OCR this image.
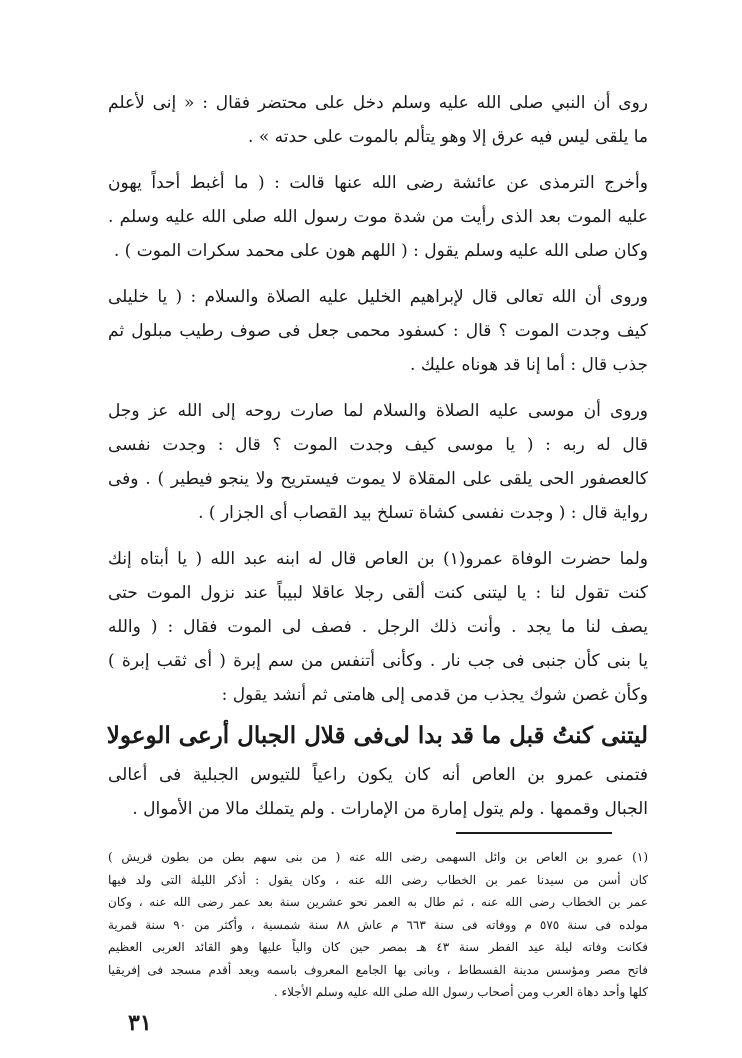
روى أن النبي صلى الله عليه وسلم دخل على محتضر فقال : « إنى لأعلم
ما يلقى ليس فيه عرق إلا وهو يتألم بالموت على حدته » .
وأخرج الترمذى عن عائشة رضى الله عنها قالت : ( ما أغبط أحداً يهون
عليه الموت بعد الذى رأيت من شدة موت رسول الله صلى الله عليه وسلم .
وكان صلى الله عليه وسلم يقول : ( اللهم هون على محمد سكرات الموت ) .
وروى أن الله تعالى قال لإبراهيم الخليل عليه الصلاة والسلام : ( يا خليلى
كيف وجدت الموت ؟ قال : كسفود محمى جعل فى صوف رطيب مبلول ثم
جذب قال : أما إنا قد هوناه عليك .
وروى أن موسى عليه الصلاة والسلام لما صارت روحه إلى الله عز وجل
قال له ربه : ( يا موسى كيف وجدت الموت ؟ قال : وجدت نفسى
كالعصفور الحى يلقى على المقلاة لا يموت فيستريح ولا ينجو فيطير ) . وفى
رواية قال : ( وجدت نفسى كشاة تسلخ بيد القصاب أى الجزار ) .
ولما حضرت الوفاة عمرو(١) بن العاص قال له ابنه عبد الله ( يا أبتاه إنك
كنت تقول لنا : يا ليتنى كنت ألقى رجلا عاقلا لبيباً عند نزول الموت حتى
يصف لنا ما يجد . وأنت ذلك الرجل . فصف لى الموت فقال : ( والله
يا بنى كأن جنبى فى جب نار . وكأنى أتنفس من سم إبرة ( أى ثقب إبرة )
وكأن غصن شوك يجذب من قدمى إلى هامتى ثم أنشد يقول :
ليتنى كنتُ قبل ما قد بدا لى
فى قلال الجبال أرعى الوعولا
فتمنى عمرو بن العاص أنه كان يكون راعياً للتيوس الجبلية فى أعالى
الجبال وقممها . ولم يتول إمارة من الإمارات . ولم يتملك مالا من الأموال .
(١) عمرو بن العاص بن وائل السهمى رضى الله عنه ( من بنى سهم بطن من بطون قريش )
كان أسن من سيدنا عمر بن الخطاب رضى الله عنه ، وكان يقول : أذكر الليلة التى ولد فيها
عمر بن الخطاب رضى الله عنه ، ثم طال به العمر نحو عشرين سنة بعد عمر رضى الله عنه ، وكان
مولده فى سنة ٥٧٥ م ووفاته فى سنة ٦٦٣ م عاش ٨٨ سنة شمسية ، وأكثر من ٩٠ سنة قمرية
فكانت وفاته ليلة عيد الفطر سنة ٤٣ هـ بمصر حين كان والياً عليها وهو القائد العربى العظيم
فاتح مصر ومؤسس مدينة الفسطاط ، وبانى بها الجامع المعروف باسمه ويعد أقدم مسجد فى إفريقيا
كلها وأحد دهاة العرب ومن أصحاب رسول الله صلى الله عليه وسلم الأجلاء .
٣١
